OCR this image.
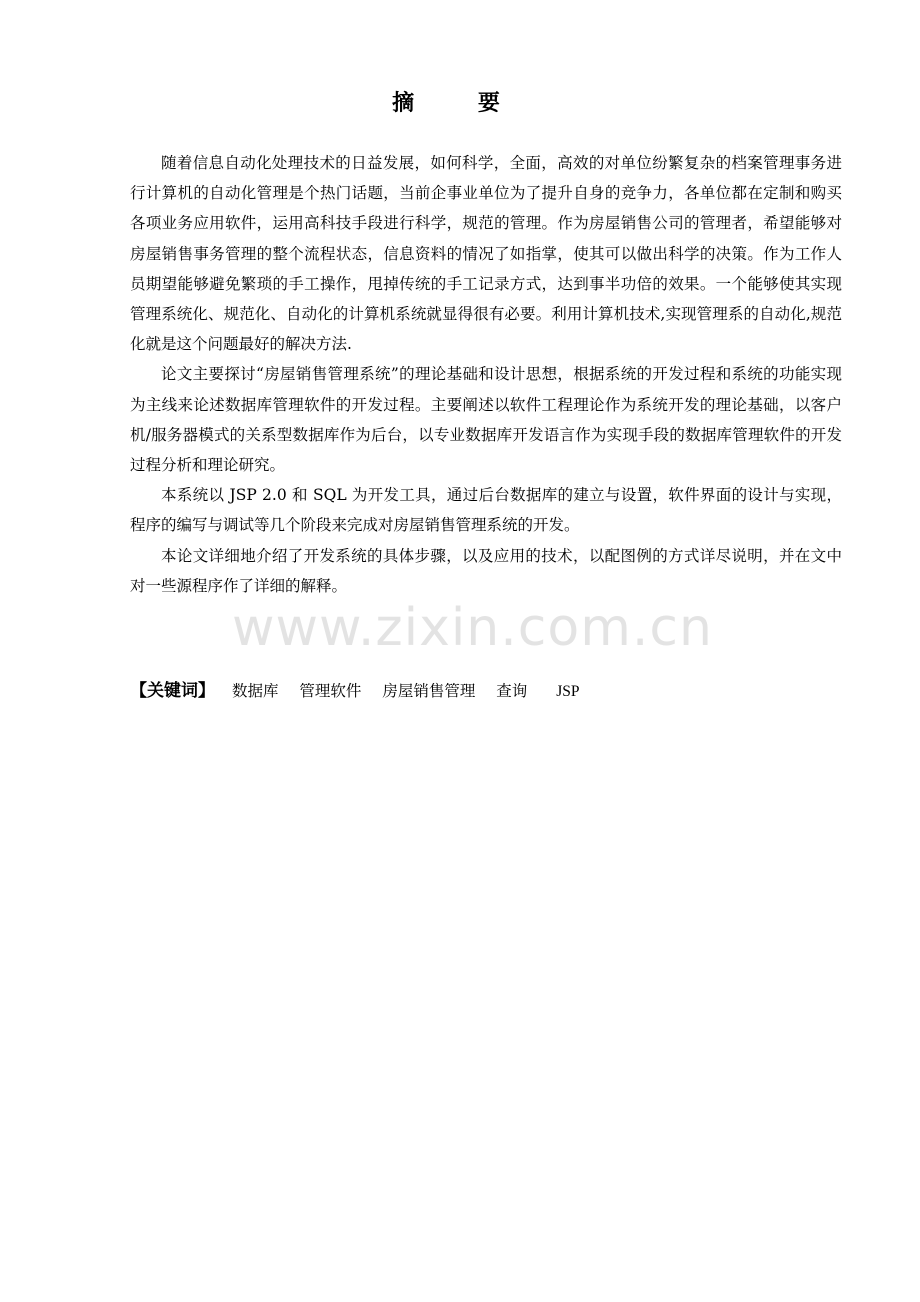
www.zixin.com.cn
摘 要

随着信息自动化处理技术的日益发展，如何科学，全面，高效的对单位纷繁复杂的档案管理事务进行计算机的自动化管理是个热门话题，当前企事业单位为了提升自身的竞争力，各单位都在定制和购买各项业务应用软件，运用高科技手段进行科学，规范的管理。作为房屋销售公司的管理者，希望能够对房屋销售事务管理的整个流程状态，信息资料的情况了如指掌，使其可以做出科学的决策。作为工作人员期望能够避免繁琐的手工操作，甩掉传统的手工记录方式，达到事半功倍的效果。一个能够使其实现管理系统化、规范化、自动化的计算机系统就显得很有必要。利用计算机技术,实现管理系的自动化,规范化就是这个问题最好的解决方法.

论文主要探讨“房屋销售管理系统”的理论基础和设计思想，根据系统的开发过程和系统的功能实现为主线来论述数据库管理软件的开发过程。主要阐述以软件工程理论作为系统开发的理论基础，以客户机/服务器模式的关系型数据库作为后台，以专业数据库开发语言作为实现手段的数据库管理软件的开发过程分析和理论研究。

本系统以 JSP 2.0 和 SQL 为开发工具，通过后台数据库的建立与设置，软件界面的设计与实现，程序的编写与调试等几个阶段来完成对房屋销售管理系统的开发。

本论文详细地介绍了开发系统的具体步骤，以及应用的技术，以配图例的方式详尽说明，并在文中对一些源程序作了详细的解释。

【关键词】 数据库 管理软件 房屋销售管理 查询 JSP
